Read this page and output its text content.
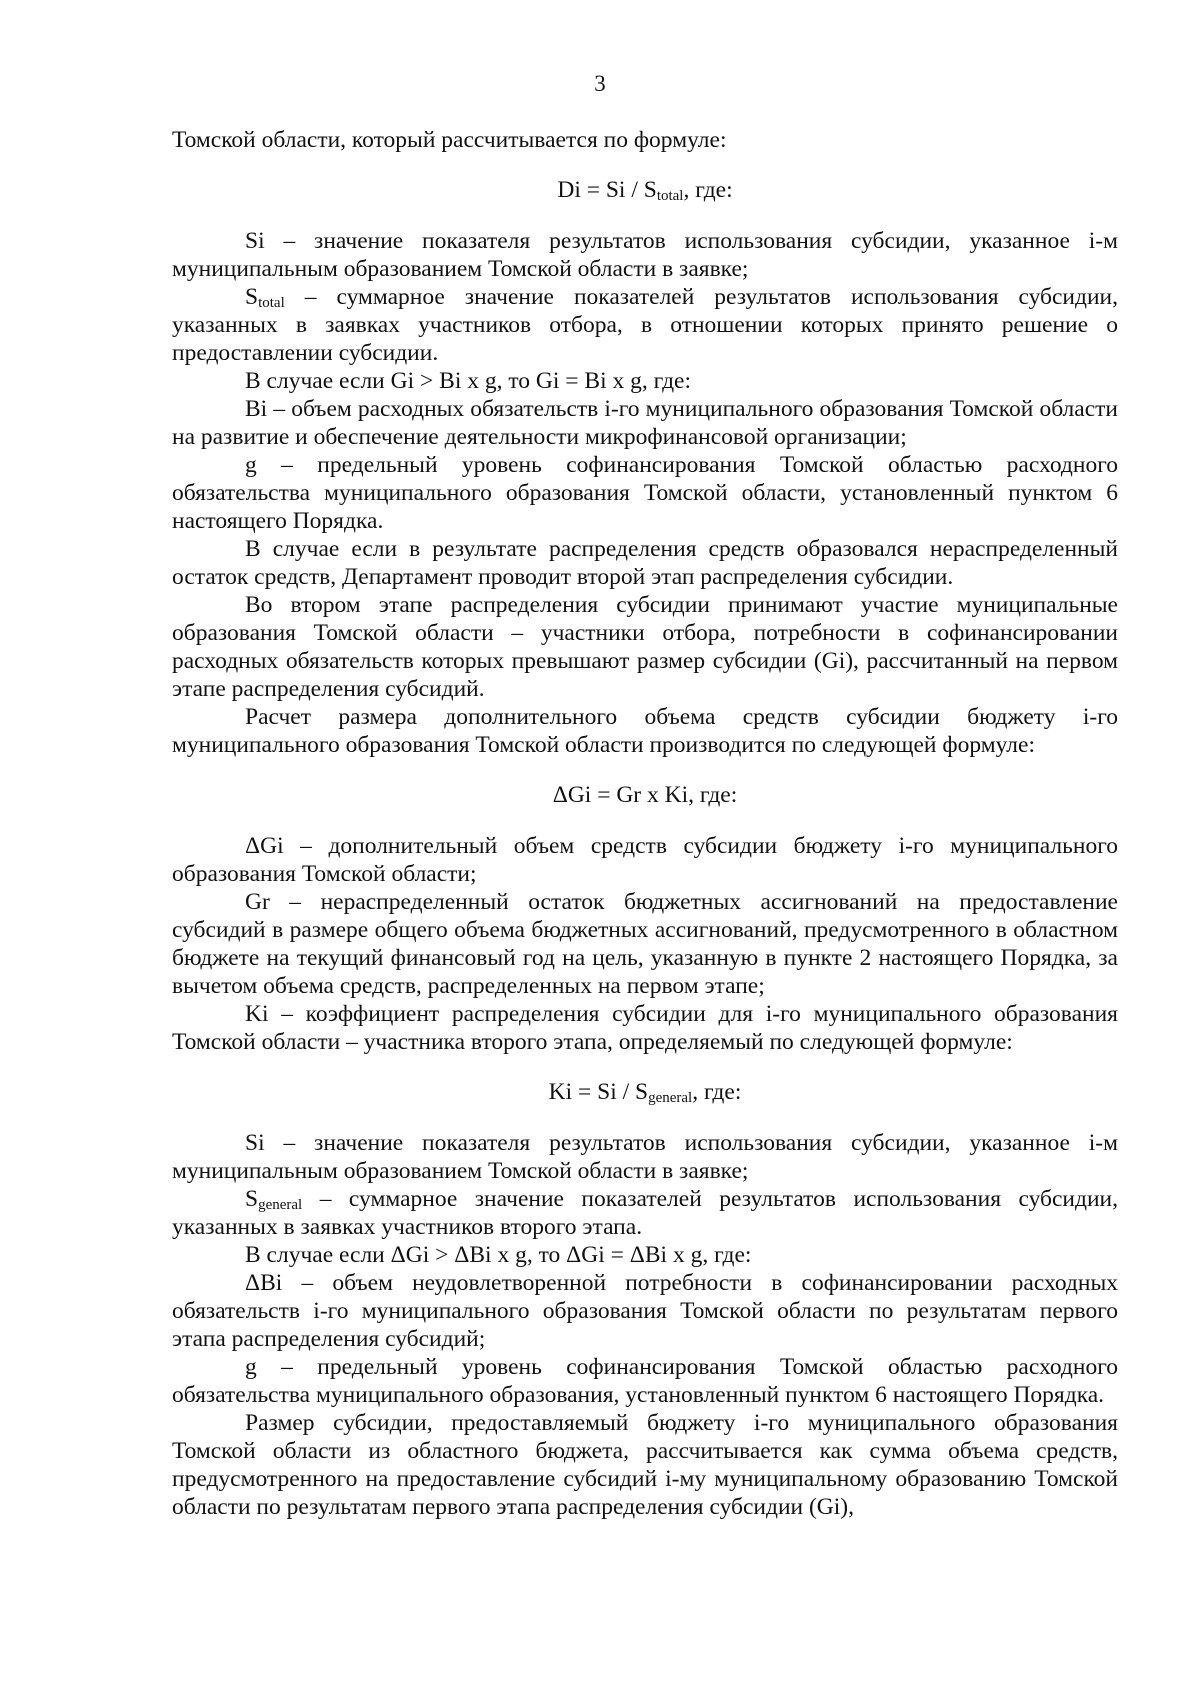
3

Томской области, который рассчитывается по формуле:

$Di = Si / S_{total}$, где:

Si – значение показателя результатов использования субсидии, указанное i-м муниципальным образованием Томской области в заявке;

$S_{total}$ – суммарное значение показателей результатов использования субсидии, указанных в заявках участников отбора, в отношении которых принято решение о предоставлении субсидии.

В случае если Gi > Bi x g, то Gi = Bi x g, где:

Bi – объем расходных обязательств i-го муниципального образования Томской области на развитие и обеспечение деятельности микрофинансовой организации;

g – предельный уровень софинансирования Томской областью расходного обязательства муниципального образования Томской области, установленный пунктом 6 настоящего Порядка.

В случае если в результате распределения средств образовался нераспределенный остаток средств, Департамент проводит второй этап распределения субсидии.

Во втором этапе распределения субсидии принимают участие муниципальные образования Томской области – участники отбора, потребности в софинансировании расходных обязательств которых превышают размер субсидии (Gi), рассчитанный на первом этапе распределения субсидий.

Расчет размера дополнительного объема средств субсидии бюджету i-го муниципального образования Томской области производится по следующей формуле:

ΔGi = Gr x Ki, где:

ΔGi – дополнительный объем средств субсидии бюджету i-го муниципального образования Томской области;

Gr – нераспределенный остаток бюджетных ассигнований на предоставление субсидий в размере общего объема бюджетных ассигнований, предусмотренного в областном бюджете на текущий финансовый год на цель, указанную в пункте 2 настоящего Порядка, за вычетом объема средств, распределенных на первом этапе;

Ki – коэффициент распределения субсидии для i-го муниципального образования Томской области – участника второго этапа, определяемый по следующей формуле:

$Ki = Si / S_{general}$, где:

Si – значение показателя результатов использования субсидии, указанное i-м муниципальным образованием Томской области в заявке;

$S_{general}$ – суммарное значение показателей результатов использования субсидии, указанных в заявках участников второго этапа.

В случае если ΔGi > ΔBi x g, то ΔGi = ΔBi x g, где:

ΔBi – объем неудовлетворенной потребности в софинансировании расходных обязательств i-го муниципального образования Томской области по результатам первого этапа распределения субсидий;

g – предельный уровень софинансирования Томской областью расходного обязательства муниципального образования, установленный пунктом 6 настоящего Порядка.

Размер субсидии, предоставляемый бюджету i-го муниципального образования Томской области из областного бюджета, рассчитывается как сумма объема средств, предусмотренного на предоставление субсидий i-му муниципальному образованию Томской области по результатам первого этапа распределения субсидии (Gi),
